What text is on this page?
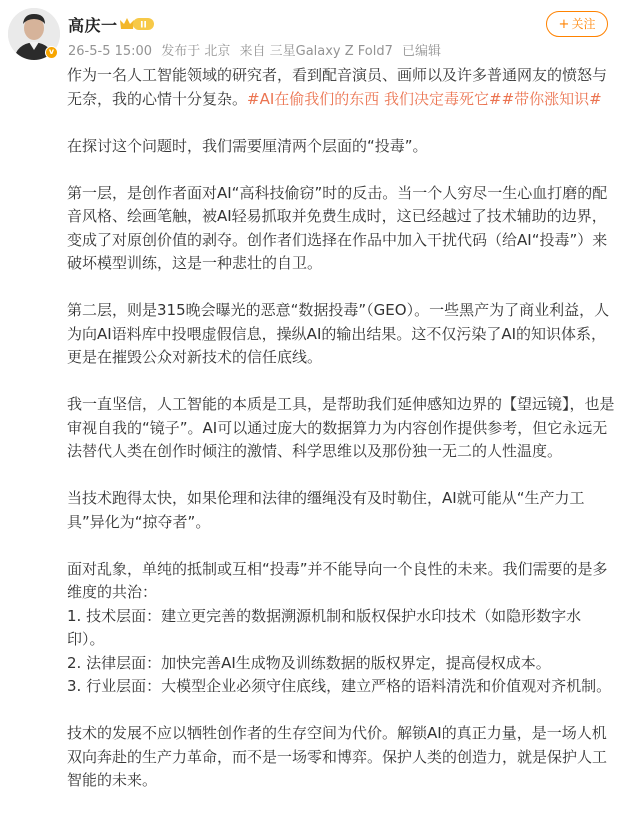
v
高庆一	II
26-5-5 15:00 发布于 北京 来自 三星Galaxy Z Fold7 已编辑
+ 关注

作为一名人工智能领域的研究者，看到配音演员、画师以及许多普通网友的愤怒与无奈，我的心情十分复杂。#AI在偷我们的东西 我们决定毒死它##带你涨知识#

在探讨这个问题时，我们需要厘清两个层面的“投毒”。

第一层，是创作者面对AI“高科技偷窃”时的反击。当一个人穷尽一生心血打磨的配音风格、绘画笔触，被AI轻易抓取并免费生成时，这已经越过了技术辅助的边界，变成了对原创价值的剥夺。创作者们选择在作品中加入干扰代码（给AI“投毒”）来破坏模型训练，这是一种悲壮的自卫。

第二层，则是315晚会曝光的恶意“数据投毒”（GEO）。一些黑产为了商业利益，人为向AI语料库中投喂虚假信息，操纵AI的输出结果。这不仅污染了AI的知识体系，更是在摧毁公众对新技术的信任底线。

我一直坚信，人工智能的本质是工具，是帮助我们延伸感知边界的【望远镜】，也是审视自我的“镜子”。AI可以通过庞大的数据算力为内容创作提供参考，但它永远无法替代人类在创作时倾注的激情、科学思维以及那份独一无二的人性温度。

当技术跑得太快，如果伦理和法律的缰绳没有及时勒住，AI就可能从“生产力工具”异化为“掠夺者”。

面对乱象，单纯的抵制或互相“投毒”并不能导向一个良性的未来。我们需要的是多维度的共治：

1. 技术层面：建立更完善的数据溯源机制和版权保护水印技术（如隐形数字水印）。

2. 法律层面：加快完善AI生成物及训练数据的版权界定，提高侵权成本。

3. 行业层面：大模型企业必须守住底线，建立严格的语料清洗和价值观对齐机制。

技术的发展不应以牺牲创作者的生存空间为代价。解锁AI的真正力量，是一场人机双向奔赴的生产力革命，而不是一场零和博弈。保护人类的创造力，就是保护人工智能的未来。
